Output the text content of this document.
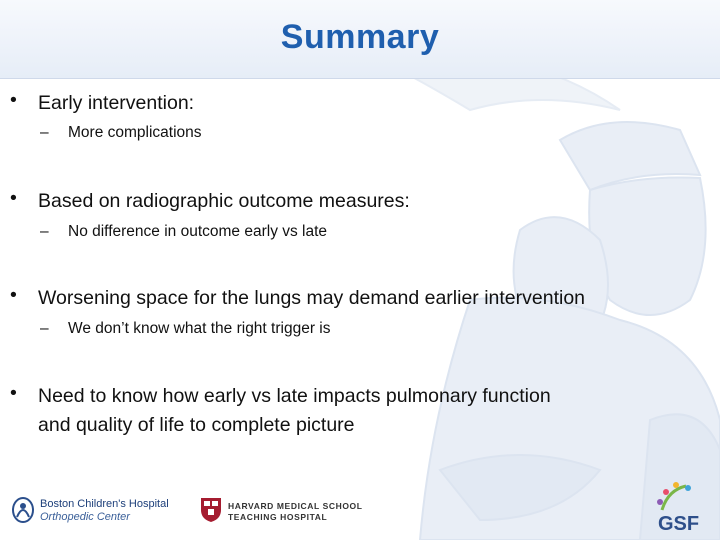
Summary
• Early intervention:
– More complications
• Based on radiographic outcome measures:
– No difference in outcome early vs late
• Worsening space for the lungs may demand earlier intervention
– We don’t know what the right trigger is
• Need to know how early vs late impacts pulmonary function
and quality of life to complete picture
Boston Children's Hospital
Orthopedic Center
HARVARD MEDICAL SCHOOL
TEACHING HOSPITAL	GSF
